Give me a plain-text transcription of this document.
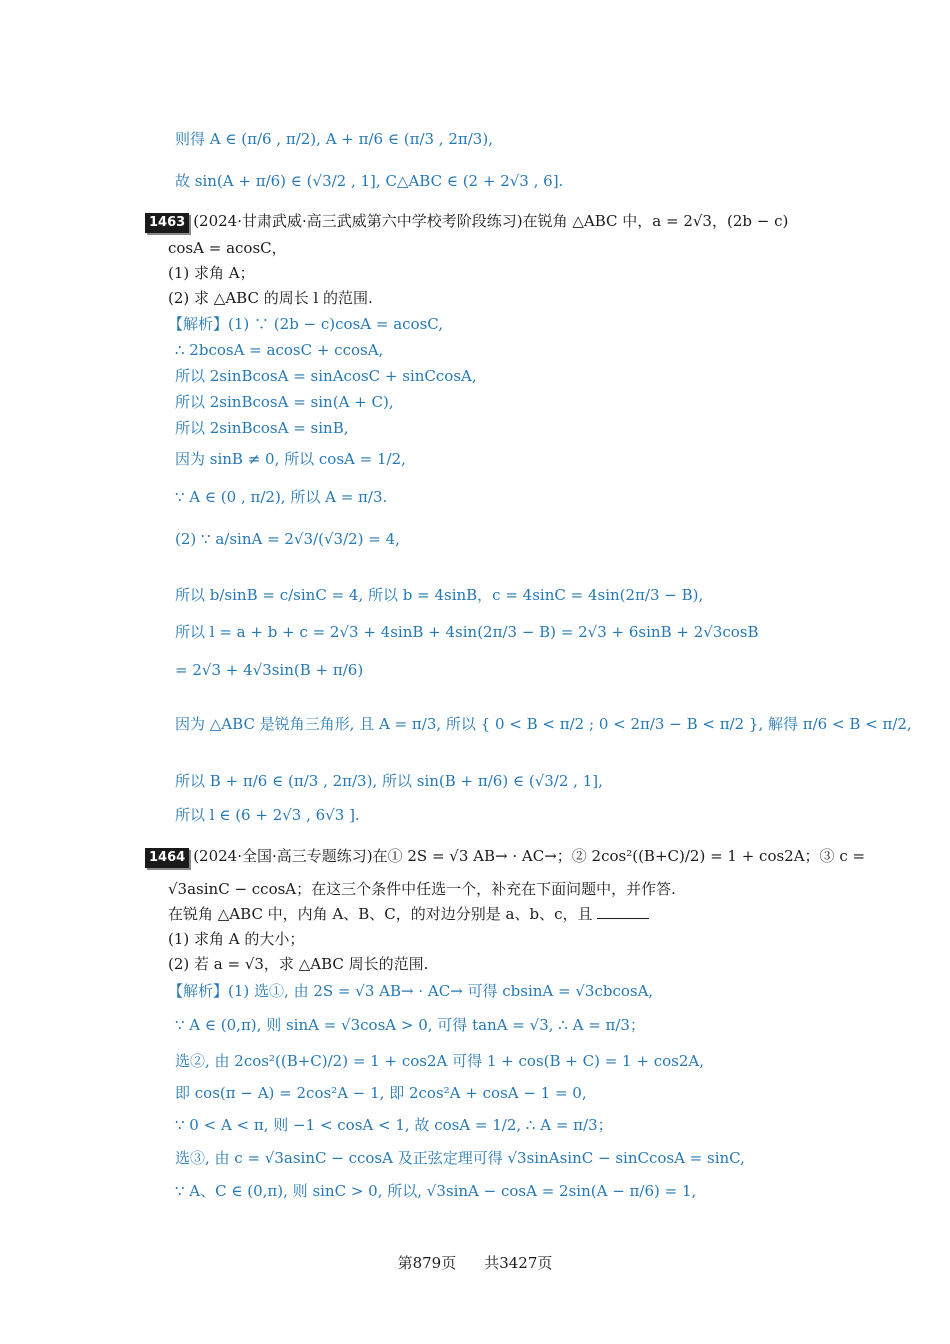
则得 A ∈ (π/6 , π/2), A + π/6 ∈ (π/3 , 2π/3),
故 sin(A + π/6) ∈ (√3/2 , 1], C△ABC ∈ (2 + 2√3 , 6].
1463 (2024·甘肃武威·高三武威第六中学校考阶段练习)在锐角 △ABC 中，a = 2√3，(2b − c)
cosA = acosC，
(1) 求角 A；
(2) 求 △ABC 的周长 l 的范围.
【解析】(1) ∵ (2b − c)cosA = acosC,
∴ 2bcosA = acosC + ccosA,
所以 2sinBcosA = sinAcosC + sinCcosA,
所以 2sinBcosA = sin(A + C),
所以 2sinBcosA = sinB,
因为 sinB ≠ 0, 所以 cosA = 1/2,
∵ A ∈ (0 , π/2), 所以 A = π/3.
(2) ∵ a/sinA = 2√3/(√3/2) = 4,
所以 b/sinB = c/sinC = 4, 所以 b = 4sinB，c = 4sinC = 4sin(2π/3 − B),
所以 l = a + b + c = 2√3 + 4sinB + 4sin(2π/3 − B) = 2√3 + 6sinB + 2√3cosB
= 2√3 + 4√3sin(B + π/6)
因为 △ABC 是锐角三角形, 且 A = π/3, 所以 { 0 < B < π/2 ; 0 < 2π/3 − B < π/2 }, 解得 π/6 < B < π/2,
所以 B + π/6 ∈ (π/3 , 2π/3), 所以 sin(B + π/6) ∈ (√3/2 , 1],
所以 l ∈ (6 + 2√3 , 6√3 ].
1464 (2024·全国·高三专题练习)在① 2S = √3 AB→ · AC→；② 2cos²((B+C)/2) = 1 + cos2A；③ c =
√3asinC − ccosA；在这三个条件中任选一个，补充在下面问题中，并作答.
在锐角 △ABC 中，内角 A、B、C，的对边分别是 a、b、c，且
(1) 求角 A 的大小；
(2) 若 a = √3，求 △ABC 周长的范围.
【解析】(1) 选①, 由 2S = √3 AB→ · AC→ 可得 cbsinA = √3cbcosA,
∵ A ∈ (0,π), 则 sinA = √3cosA > 0, 可得 tanA = √3, ∴ A = π/3；
选②, 由 2cos²((B+C)/2) = 1 + cos2A 可得 1 + cos(B + C) = 1 + cos2A,
即 cos(π − A) = 2cos²A − 1, 即 2cos²A + cosA − 1 = 0,
∵ 0 < A < π, 则 −1 < cosA < 1, 故 cosA = 1/2, ∴ A = π/3；
选③, 由 c = √3asinC − ccosA 及正弦定理可得 √3sinAsinC − sinCcosA = sinC,
∵ A、C ∈ (0,π), 则 sinC > 0, 所以, √3sinA − cosA = 2sin(A − π/6) = 1,
第879页 共3427页
